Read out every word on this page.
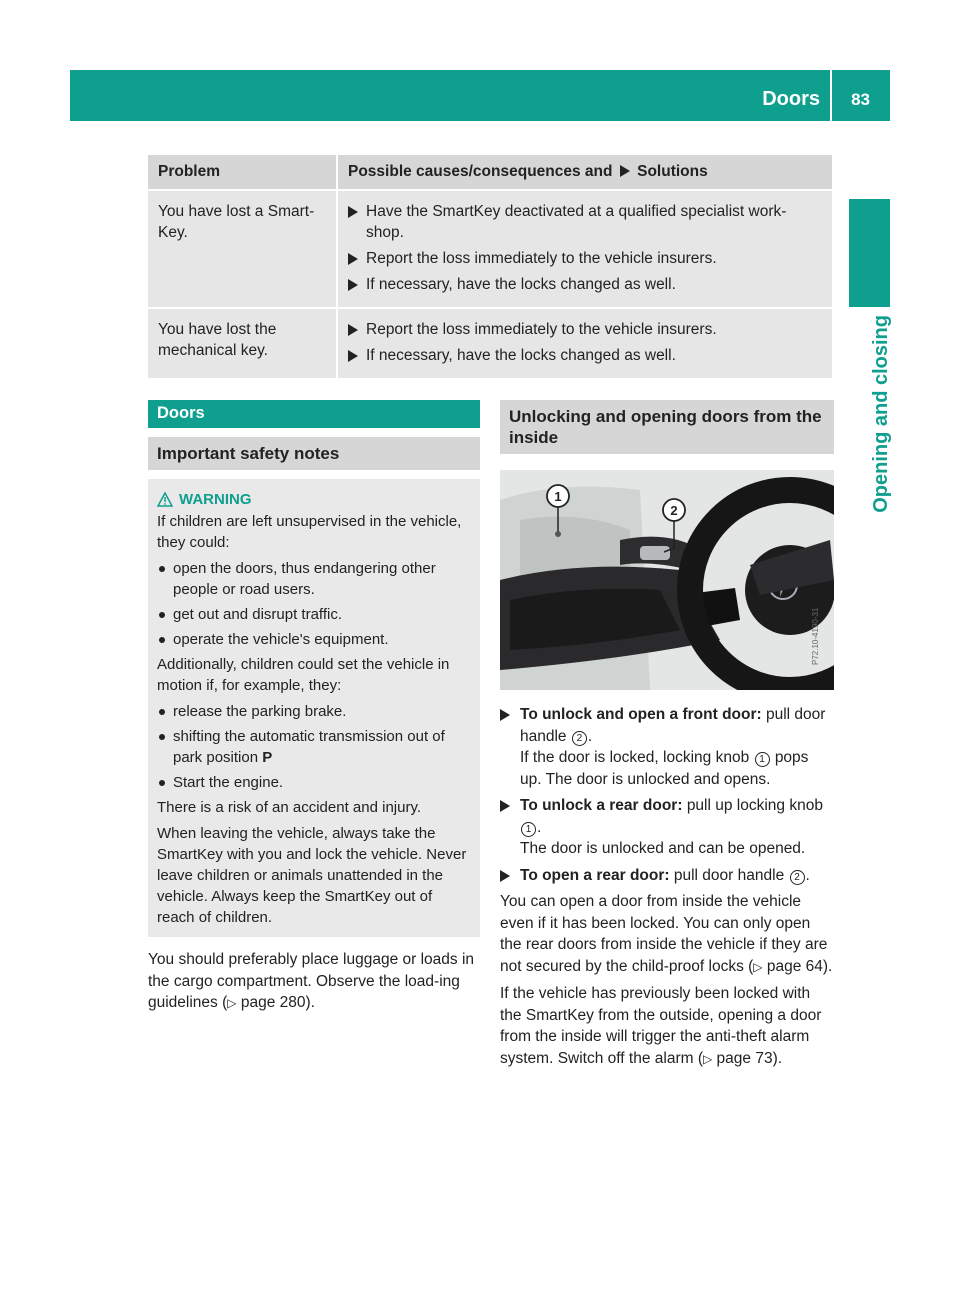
Doors 83
Opening and closing
Problem	Possible causes/consequences and Solutions
You have lost a Smart-Key.	Have the SmartKey deactivated at a qualified specialist work-shop.
Report the loss immediately to the vehicle insurers.
If necessary, have the locks changed as well.

You have lost the mechanical key.	Report the loss immediately to the vehicle insurers.
If necessary, have the locks changed as well.
Doors
Important safety notes
WARNING

If children are left unsupervised in the vehicle, they could:

open the doors, thus endangering other people or road users.
get out and disrupt traffic.
operate the vehicle's equipment.

Additionally, children could set the vehicle in motion if, for example, they:

release the parking brake.
shifting the automatic transmission out of park position P
Start the engine.

There is a risk of an accident and injury.

When leaving the vehicle, always take the SmartKey with you and lock the vehicle. Never leave children or animals unattended in the vehicle. Always keep the SmartKey out of reach of children.

You should preferably place luggage or loads in the cargo compartment. Observe the load-ing guidelines (▷ page 280).

Unlocking and opening doors from the inside
1
2
P72.10-4190-31
To unlock and open a front door: pull door handle 2 .
If the door is locked, locking knob 1 pops up. The door is unlocked and opens.
To unlock a rear door: pull up locking knob 1 .
The door is unlocked and can be opened.
To open a rear door: pull door handle 2 .

You can open a door from inside the vehicle even if it has been locked. You can only open the rear doors from inside the vehicle if they are not secured by the child-proof locks (▷ page 64).

If the vehicle has previously been locked with the SmartKey from the outside, opening a door from the inside will trigger the anti-theft alarm system. Switch off the alarm (▷ page 73).
